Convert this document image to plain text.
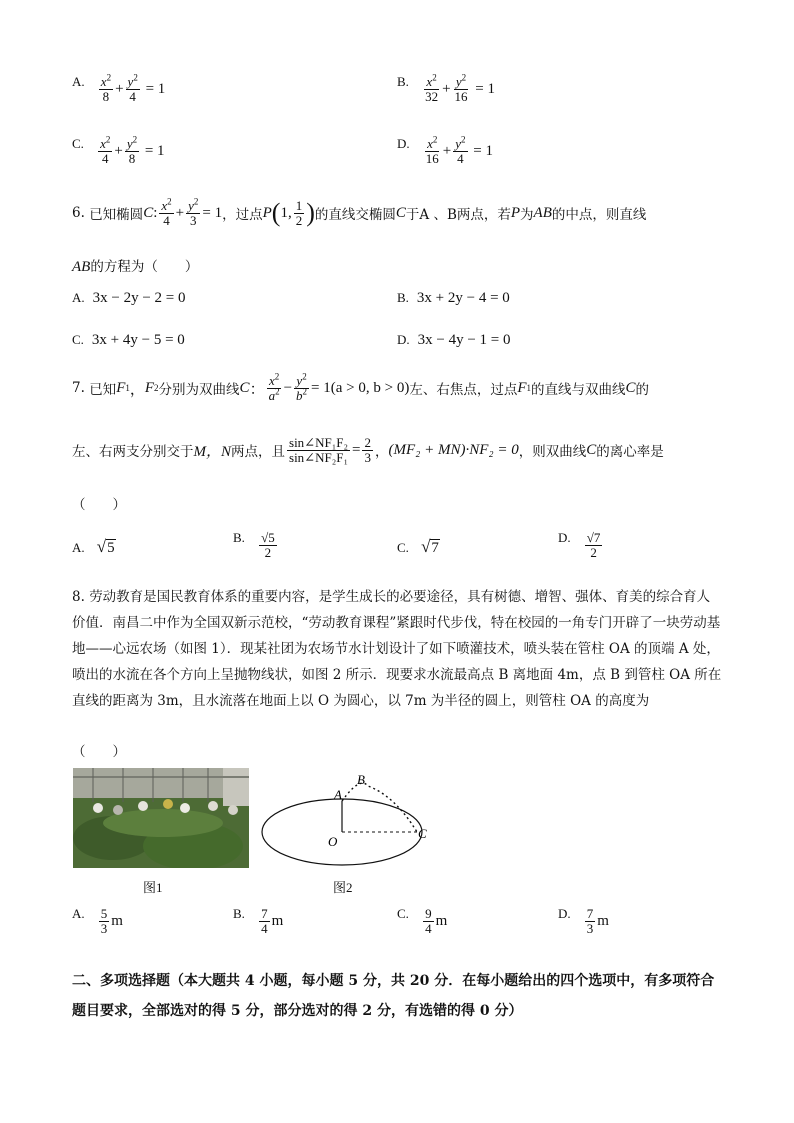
A. $\frac{x^2}{8} + \frac{y^2}{4}$
= 1	B. $\frac{x^2}{32} + \frac{y^2}{16}$
= 1
C. $\frac{x^2}{4} + \frac{y^2}{8}$
= 1	D. $\frac{x^2}{16} + \frac{y^2}{4}$
= 1
6.
已知椭圆 C : $\frac{x^2}{4} + \frac{y^2}{3} = 1$ ，过点 P ( 1, $\frac{1}{2}$ ) 的直线交椭圆 C 于A 、B两点，若 P 为 AB 的中点，则直线
AB的方程为（　　）
A. 3x − 2y − 2 = 0	B. 3x + 2y − 4 = 0
C. 3x + 4y − 5 = 0	D. 3x − 4y − 1 = 0
7.
已知 F 1 ， F 2 分别为双曲线 C ： $\frac{x^2}{a^2} - \frac{y^2}{b^2} = 1$ (a > 0, b > 0) 左、右焦点，过点 F 1 的直线与双曲线 C 的
左、右两支分别交于 M，N 两点，且 $\frac{\text{sin∠NF₁F₂}}{\text{sin∠NF₂F₁}} = \frac{2}{3}$ ， (MF₂ + MN)·NF₂ = 0 ，则双曲线 C 的离心率是
（　　）
A. √ 5
B. $\frac{√5}{2}$	C. √ 7
D. $\frac{√7}{2}$
8. 劳动教育是国民教育体系的重要内容，是学生成长的必要途径，具有树德、增智、强体、育美的综合育人价值．南昌二中作为全国双新示范校，“劳动教育课程”紧跟时代步伐，特在校园的一角专门开辟了一块劳动基地——心远农场（如图 1）．现某社团为农场节水计划设计了如下喷灌技术，喷头装在管柱 OA 的顶端 A 处，喷出的水流在各个方向上呈抛物线状，如图 2 所示．现要求水流最高点 B 离地面 4m，点 B 到管柱 OA 所在直线的距离为 3m，且水流落在地面上以 O 为圆心，以 7m 为半径的圆上，则管柱 OA 的高度为
（　　）
图1
A
B
C
O
图2
A. $\frac{5}{3}$ m	B. $\frac{7}{4}$ m	C. $\frac{9}{4}$ m	D. $\frac{7}{3}$ m
二、多项选择题（本大题共 4 小题，每小题 5 分，共 20 分．在每小题给出的四个选项中，有多项符合题目要求，全部选对的得 5 分，部分选对的得 2 分，有选错的得 0 分）
